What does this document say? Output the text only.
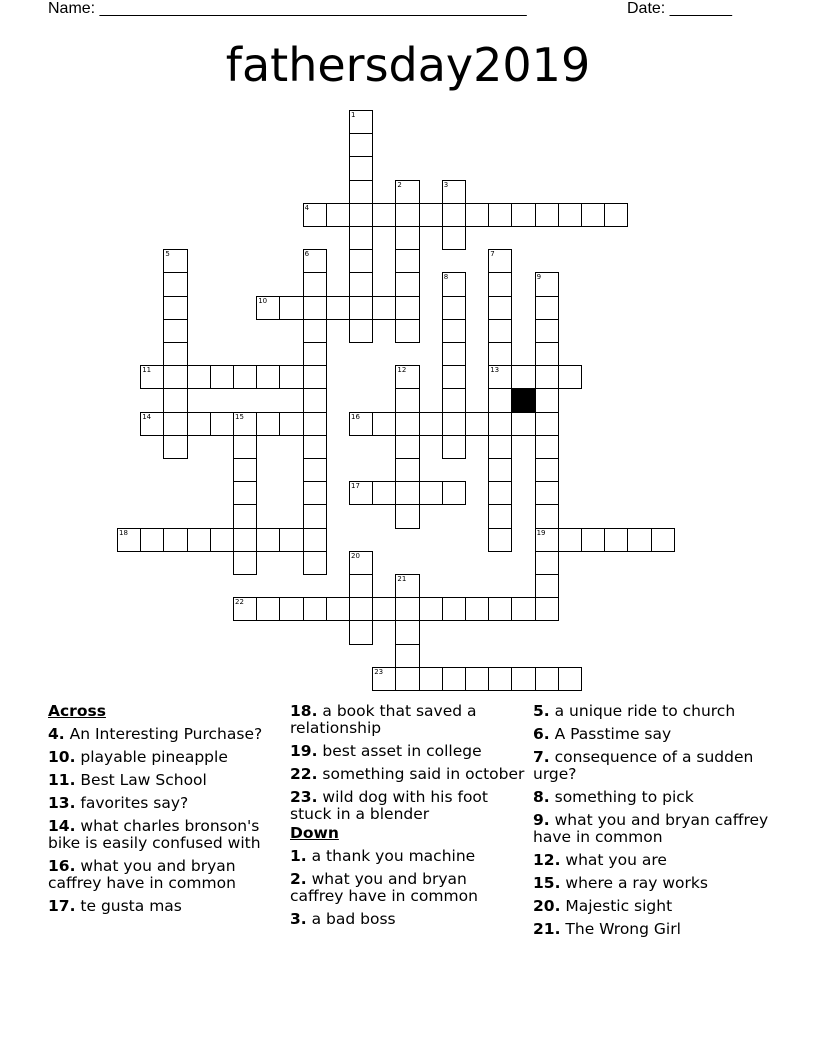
Name: ________________________________________________	Date: _______
fathersday2019
4
10
11	13
14	15	16
17
18	19
22
23
1
2	3
5	6	7
8	9
12
20
21
Across
4. An Interesting Purchase?
10. playable pineapple
11. Best Law School
13. favorites say?
14. what charles bronson's bike is easily confused with
16. what you and bryan caffrey have in common
17. te gusta mas
18. a book that saved a relationship
19. best asset in college
22. something said in october
23. wild dog with his foot stuck in a blender
Down
1. a thank you machine
2. what you and bryan caffrey have in common
3. a bad boss
5. a unique ride to church
6. A Passtime say
7. consequence of a sudden urge?
8. something to pick
9. what you and bryan caffrey have in common
12. what you are
15. where a ray works
20. Majestic sight
21. The Wrong Girl
